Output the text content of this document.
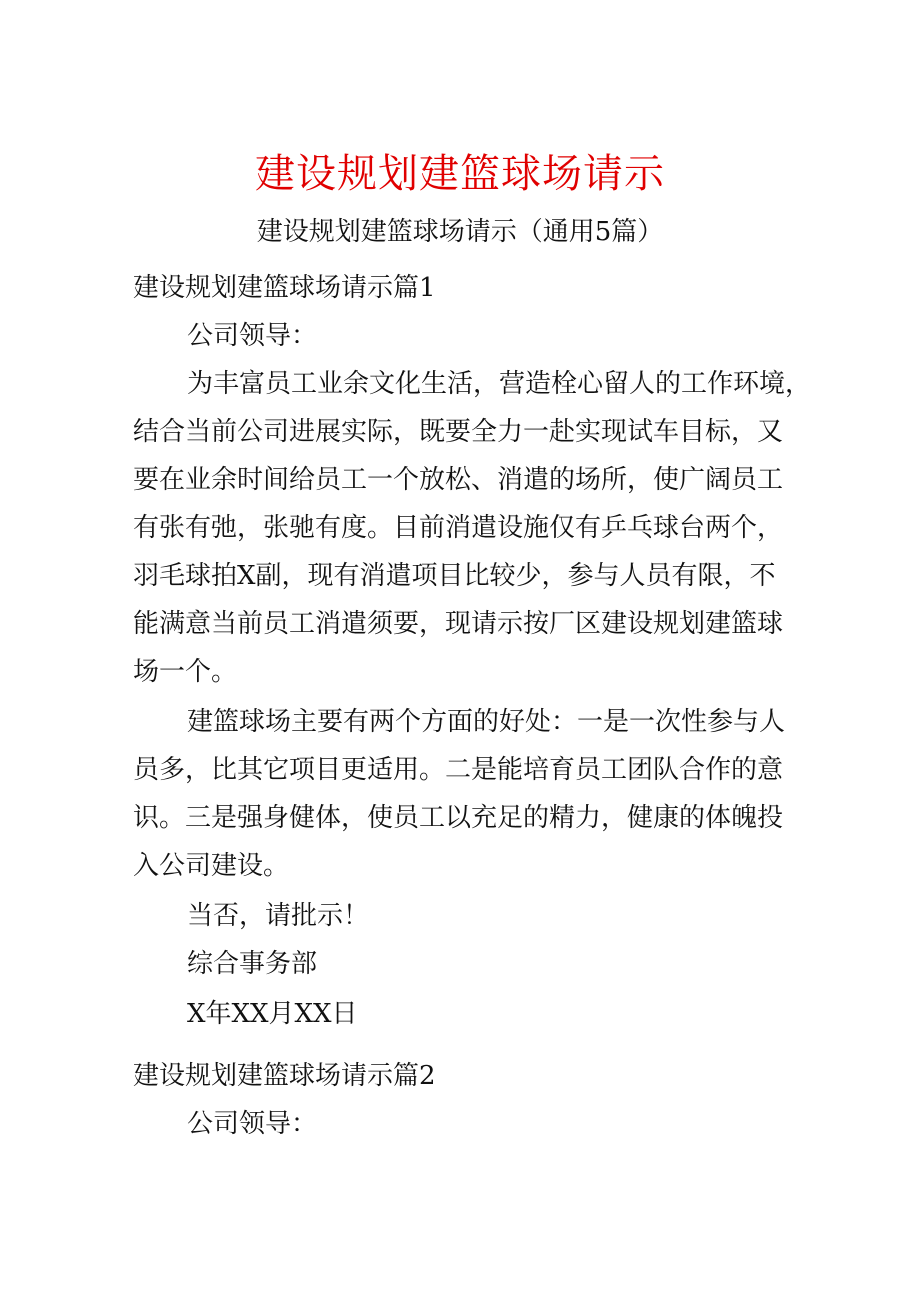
建设规划建篮球场请示
建设规划建篮球场请示（通用5篇）
建设规划建篮球场请示篇1
公司领导：
为丰富员工业余文化生活，营造栓心留人的工作环境，
结合当前公司进展实际，既要全力一赴实现试车目标，又
要在业余时间给员工一个放松、消遣的场所，使广阔员工
有张有弛，张驰有度。目前消遣设施仅有乒乓球台两个，
羽毛球拍X副，现有消遣项目比较少，参与人员有限，不
能满意当前员工消遣须要，现请示按厂区建设规划建篮球
场一个。
建篮球场主要有两个方面的好处：一是一次性参与人
员多，比其它项目更适用。二是能培育员工团队合作的意
识。三是强身健体，使员工以充足的精力，健康的体魄投
入公司建设。
当否，请批示！
综合事务部
X年XX月XX日
建设规划建篮球场请示篇2
公司领导：
